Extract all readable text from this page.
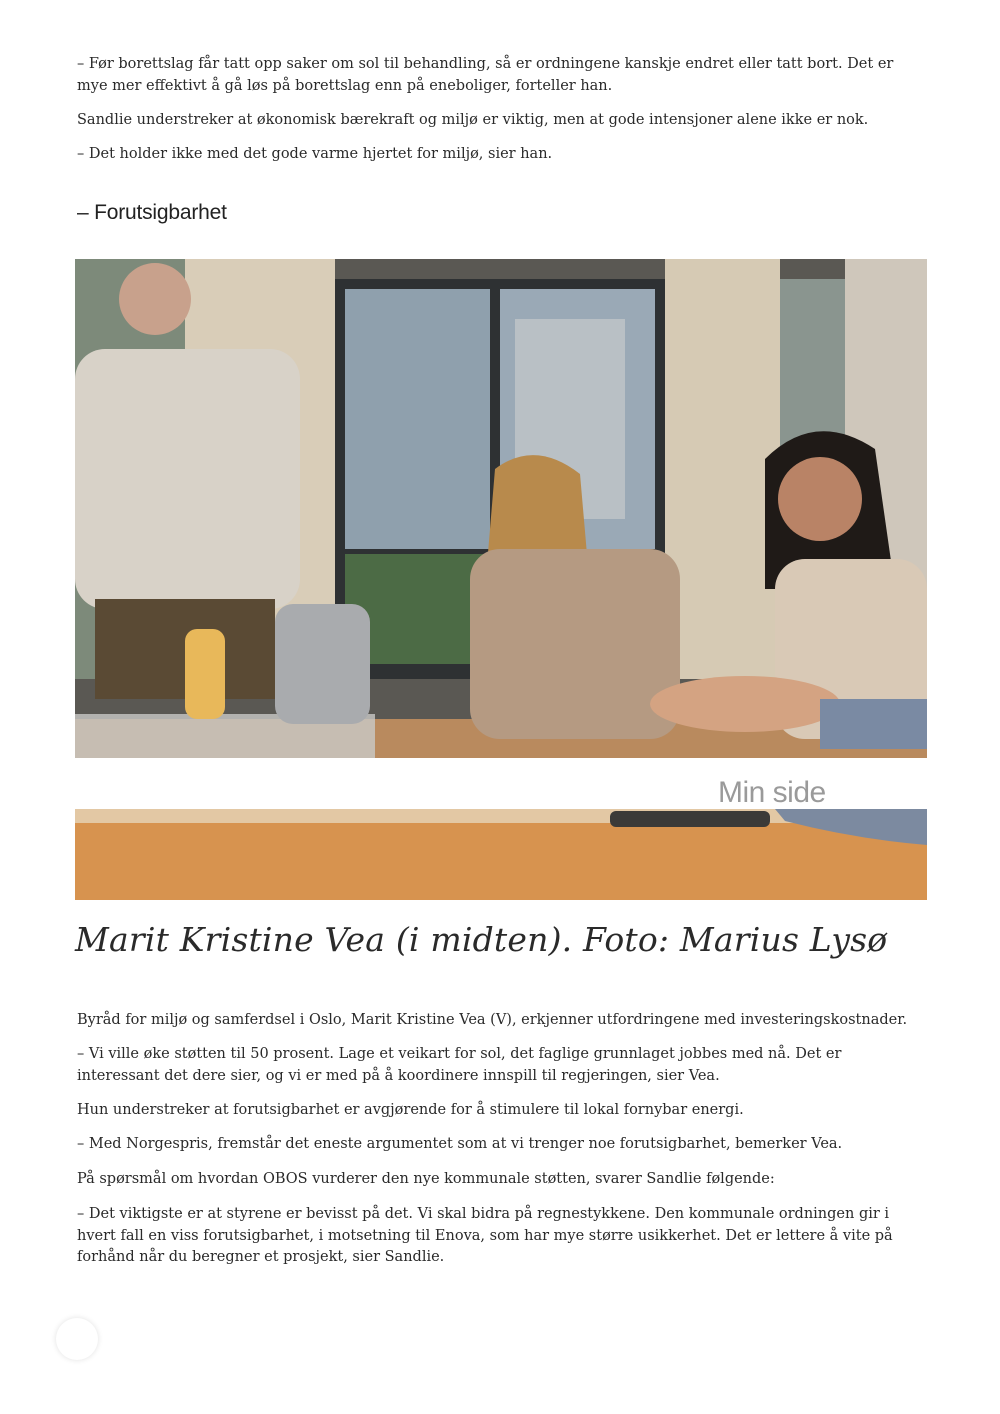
– Før borettslag får tatt opp saker om sol til behandling, så er ordningene kanskje endret eller tatt bort. Det er mye mer effektivt å gå løs på borettslag enn på eneboliger, forteller han.

Sandlie understreker at økonomisk bærekraft og miljø er viktig, men at gode intensjoner alene ikke er nok.

– Det holder ikke med det gode varme hjertet for miljø, sier han.

– Forutsigbarhet
Min side
Marit Kristine Vea (i midten). Foto: Marius Lysø

Byråd for miljø og samferdsel i Oslo, Marit Kristine Vea (V), erkjenner utfordringene med investeringskostnader.

– Vi ville øke støtten til 50 prosent. Lage et veikart for sol, det faglige grunnlaget jobbes med nå. Det er interessant det dere sier, og vi er med på å koordinere innspill til regjeringen, sier Vea.

Hun understreker at forutsigbarhet er avgjørende for å stimulere til lokal fornybar energi.

– Med Norgespris, fremstår det eneste argumentet som at vi trenger noe forutsigbarhet, bemerker Vea.

På spørsmål om hvordan OBOS vurderer den nye kommunale støtten, svarer Sandlie følgende:

– Det viktigste er at styrene er bevisst på det. Vi skal bidra på regnestykkene. Den kommunale ordningen gir i hvert fall en viss forutsigbarhet, i motsetning til Enova, som har mye større usikkerhet. Det er lettere å vite på forhånd når du beregner et prosjekt, sier Sandlie.
